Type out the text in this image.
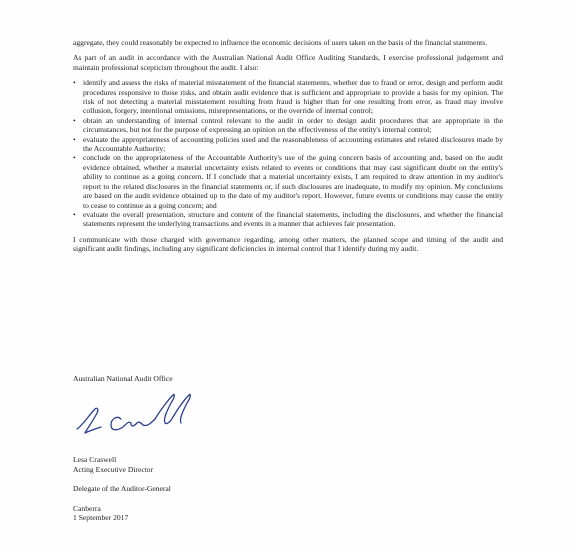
aggregate, they could reasonably be expected to influence the economic decisions of users taken on the basis of the financial statements.

As part of an audit in accordance with the Australian National Audit Office Auditing Standards, I exercise professional judgement and maintain professional scepticism throughout the audit. I also:

• identify and assess the risks of material misstatement of the financial statements, whether due to fraud or error, design and perform audit procedures responsive to those risks, and obtain audit evidence that is sufficient and appropriate to provide a basis for my opinion. The risk of not detecting a material misstatement resulting from fraud is higher than for one resulting from error, as fraud may involve collusion, forgery, intentional omissions, misrepresentations, or the override of internal control;
• obtain an understanding of internal control relevant to the audit in order to design audit procedures that are appropriate in the circumstances, but not for the purpose of expressing an opinion on the effectiveness of the entity's internal control;
• evaluate the appropriateness of accounting policies used and the reasonableness of accounting estimates and related disclosures made by the Accountable Authority;
• conclude on the appropriateness of the Accountable Authority's use of the going concern basis of accounting and, based on the audit evidence obtained, whether a material uncertainty exists related to events or conditions that may cast significant doubt on the entity's ability to continue as a going concern. If I conclude that a material uncertainty exists, I am required to draw attention in my auditor's report to the related disclosures in the financial statements or, if such disclosures are inadequate, to modify my opinion. My conclusions are based on the audit evidence obtained up to the date of my auditor's report. However, future events or conditions may cause the entity to cease to continue as a going concern; and
• evaluate the overall presentation, structure and content of the financial statements, including the disclosures, and whether the financial statements represent the underlying transactions and events in a manner that achieves fair presentation.

I communicate with those charged with governance regarding, among other matters, the planned scope and timing of the audit and significant audit findings, including any significant deficiencies in internal control that I identify during my audit.

Australian National Audit Office

Lesa Craswell

Acting Executive Director

Delegate of the Auditor-General

Canberra

1 September 2017
